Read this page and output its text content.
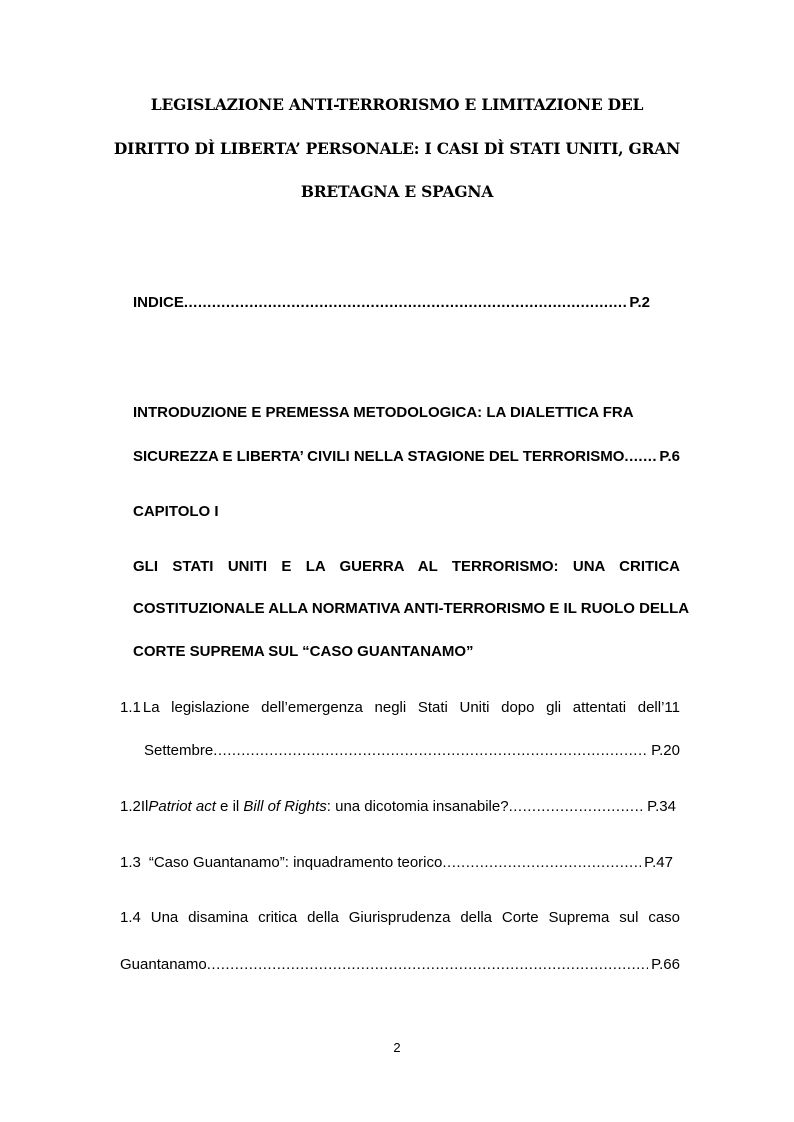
LEGISLAZIONE ANTI-TERRORISMO E LIMITAZIONE DEL
DIRITTO DÌ LIBERTA’ PERSONALE: I CASI DÌ STATI UNITI, GRAN
BRETAGNA E SPAGNA
INDICE .....	P.2
INTRODUZIONE E PREMESSA METODOLOGICA: LA DIALETTICA FRA
SICUREZZA E LIBERTA’ CIVILI NELLA STAGIONE DEL TERRORISMO ..... P.6
CAPITOLO I
GLI STATI UNITI E LA GUERRA AL TERRORISMO: UNA CRITICA
COSTITUZIONALE ALLA NORMATIVA ANTI-TERRORISMO E IL RUOLO DELLA
CORTE SUPREMA SUL “CASO GUANTANAMO”
1.1 La legislazione dell’emergenza negli Stati Uniti dopo gli attentati dell’11
Settembre .....	P.20
1.2 Il Patriot act e il Bill of Rights : una dicotomia insanabile? .....	P.34
1.3 “Caso Guantanamo”: inquadramento teorico .....	P.47
1.4 Una disamina critica della Giurisprudenza della Corte Suprema sul caso
Guantanamo .....	P.66
2
